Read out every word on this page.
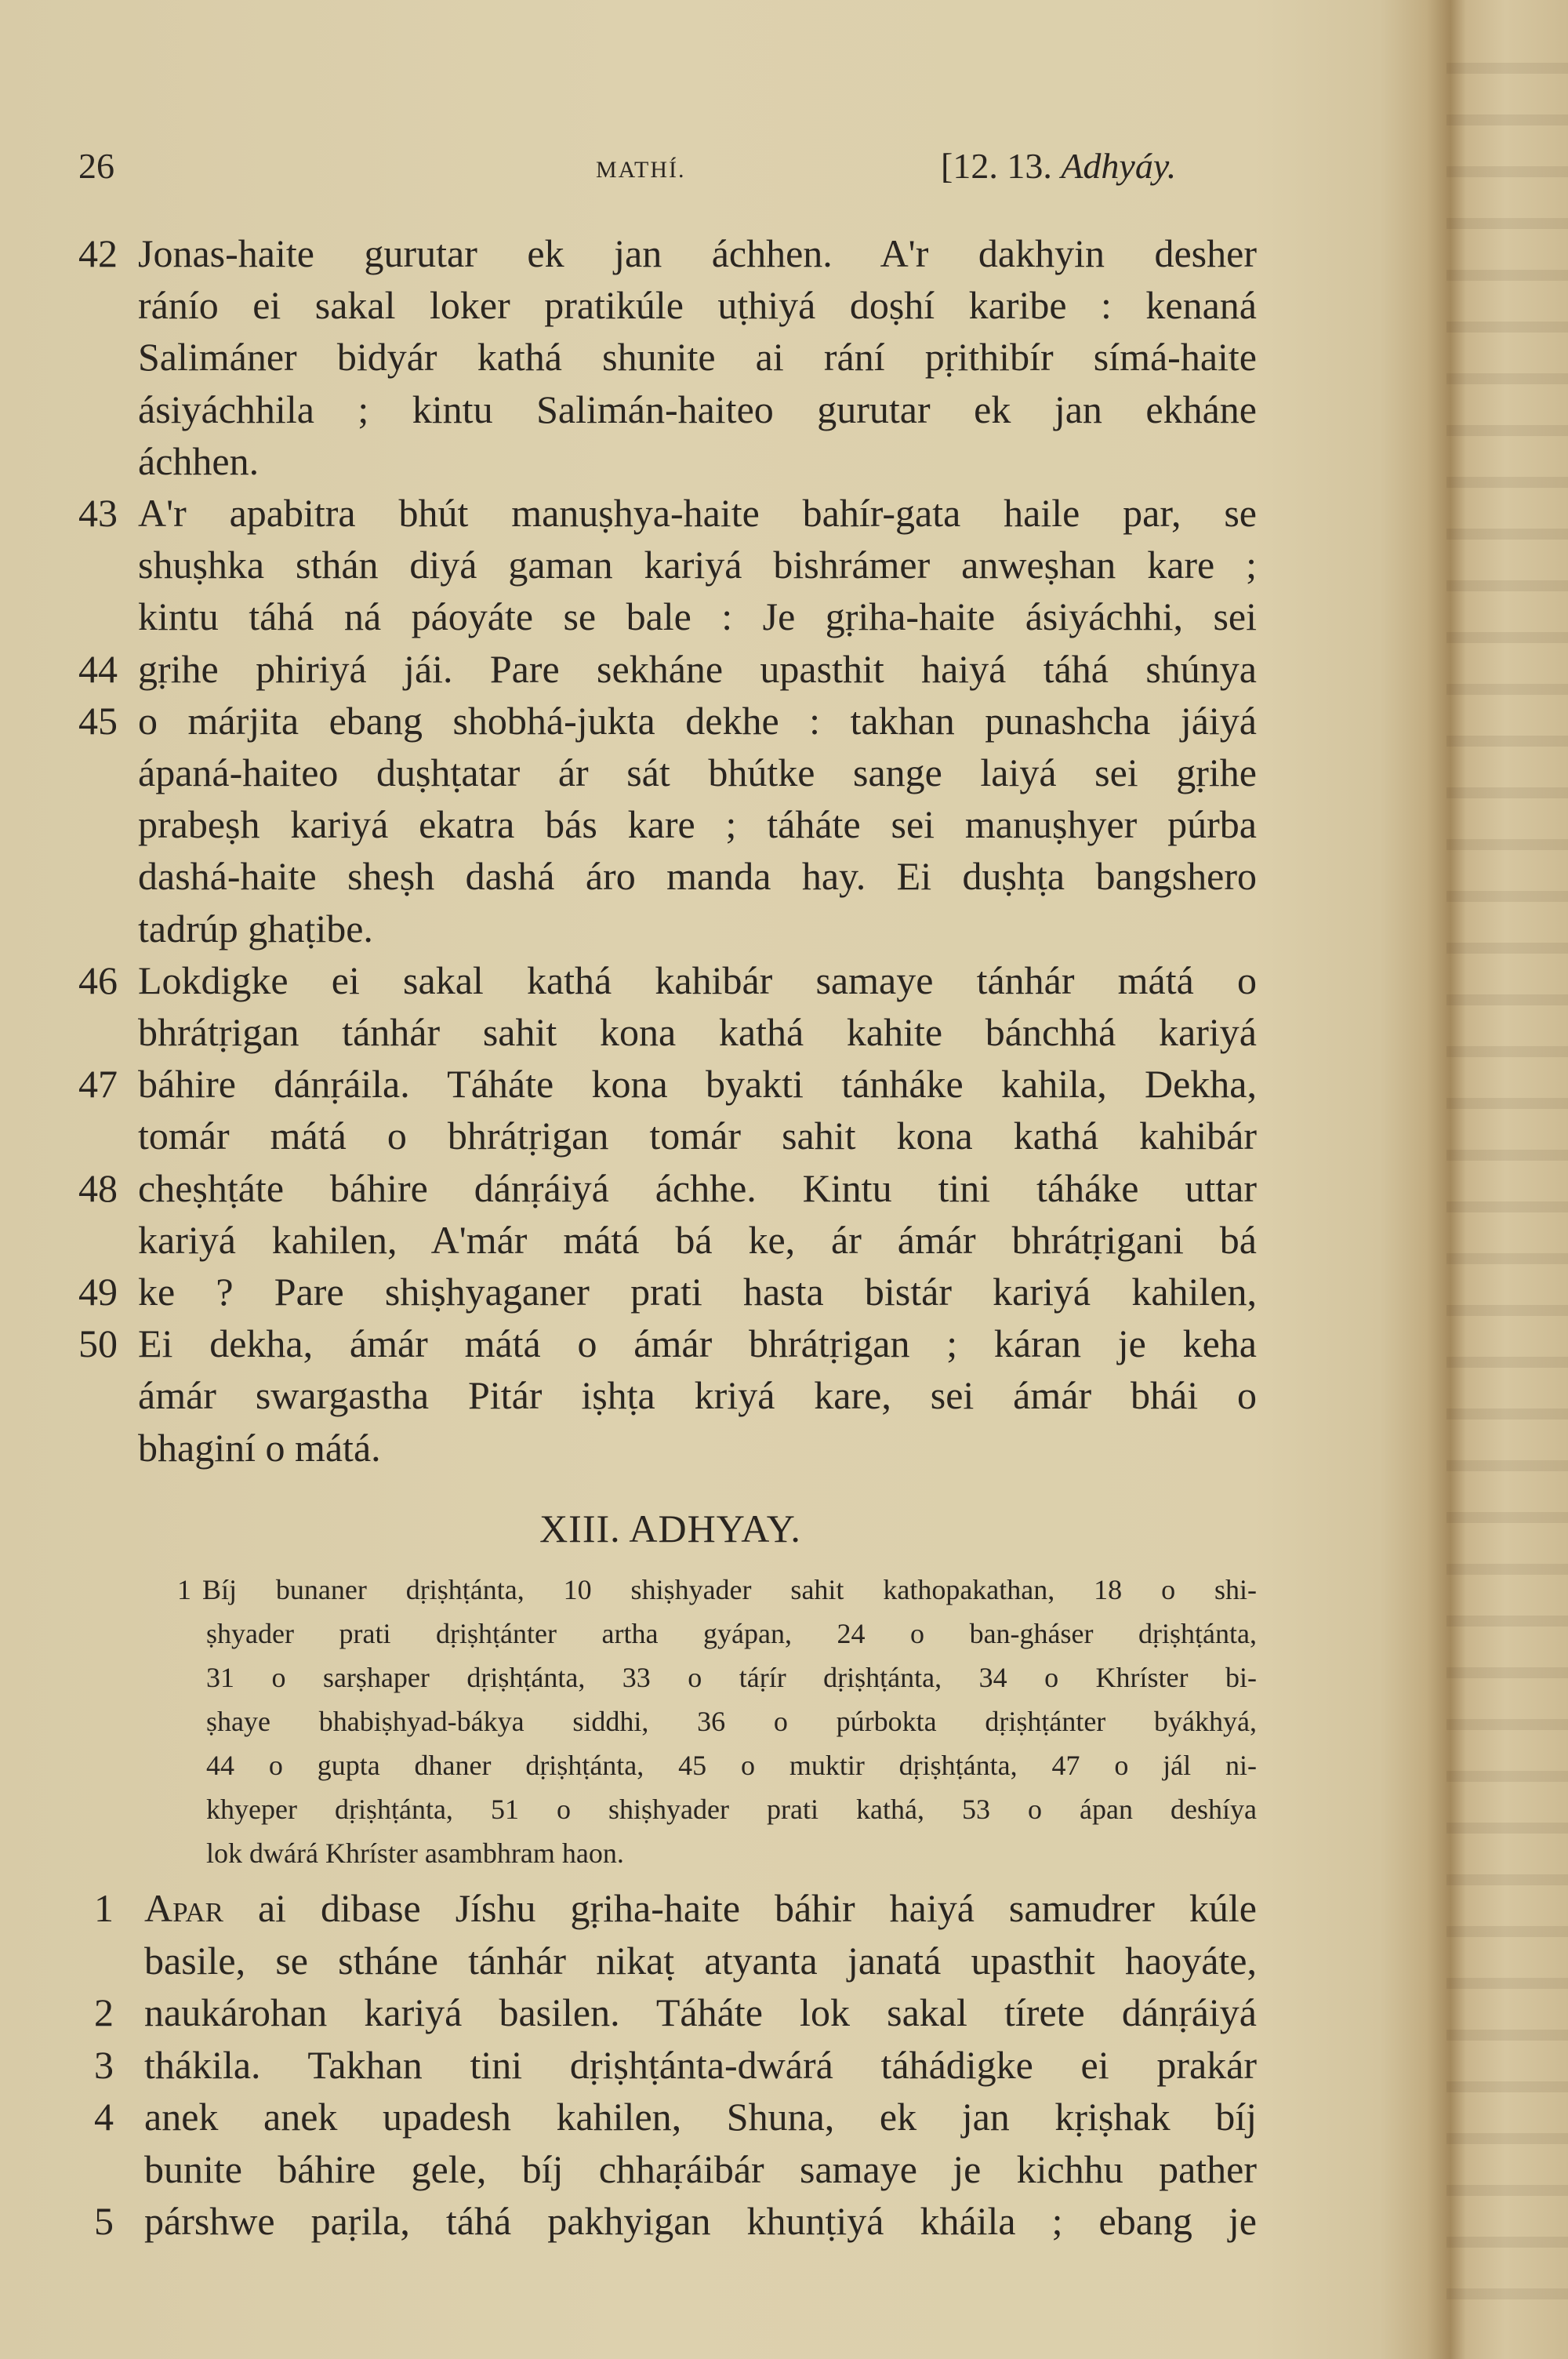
26	MATHÍ.	[12. 13. Adhyáy.
42 Jonas-haite gurutar ek jan áchhen. A'r dakhyin desher
ránío ei sakal loker pratikúle uṭhiyá doṣhí karibe : kenaná
Salimáner bidyár kathá shunite ai rání pṛithibír símá-haite
ásiyáchhila ; kintu Salimán-haiteo gurutar ek jan ekháne
áchhen.
43 A'r apabitra bhút manuṣhya-haite bahír-gata haile par, se
shuṣhka sthán diyá gaman kariyá bishrámer anweṣhan kare ;
kintu táhá ná páoyáte se bale : Je gṛiha-haite ásiyáchhi, sei
44 gṛihe phiriyá jái. Pare sekháne upasthit haiyá táhá shúnya
45 o márjita ebang shobhá-jukta dekhe : takhan punashcha jáiyá
ápaná-haiteo duṣhṭatar ár sát bhútke sange laiyá sei gṛihe
prabeṣh kariyá ekatra bás kare ; táháte sei manuṣhyer púrba
dashá-haite sheṣh dashá áro manda hay. Ei duṣhṭa bangshero
tadrúp ghaṭibe.
46 Lokdigke ei sakal kathá kahibár samaye tánhár mátá o
bhrátṛigan tánhár sahit kona kathá kahite bánchhá kariyá
47 báhire dánṛáila. Táháte kona byakti tánháke kahila, Dekha,
tomár mátá o bhrátṛigan tomár sahit kona kathá kahibár
48 cheṣhṭáte báhire dánṛáiyá áchhe. Kintu tini táháke uttar
kariyá kahilen, A'már mátá bá ke, ár ámár bhrátṛigani bá
49 ke ? Pare shiṣhyaganer prati hasta bistár kariyá kahilen,
50 Ei dekha, ámár mátá o ámár bhrátṛigan ; káran je keha
ámár swargastha Pitár iṣhṭa kriyá kare, sei ámár bhái o
bhaginí o mátá.
XIII. ADHYAY.
1 Bíj bunaner dṛiṣhṭánta, 10 shiṣhyader sahit kathopakathan, 18 o shi-
ṣhyader prati dṛiṣhṭánter artha gyápan, 24 o ban-gháser dṛiṣhṭánta,
31 o sarṣhaper dṛiṣhṭánta, 33 o táṛír dṛiṣhṭánta, 34 o Khríster bi-
ṣhaye bhabiṣhyad-bákya siddhi, 36 o púrbokta dṛiṣhṭánter byákhyá,
44 o gupta dhaner dṛiṣhṭánta, 45 o muktir dṛiṣhṭánta, 47 o jál ni-
khyeper dṛiṣhṭánta, 51 o shiṣhyader prati kathá, 53 o ápan deshíya
lok dwárá Khríster asambhram haon.
1 Apar ai dibase Jíshu gṛiha-haite báhir haiyá samudrer kúle
basile, se stháne tánhár nikaṭ atyanta janatá upasthit haoyáte,
2 naukárohan kariyá basilen. Táháte lok sakal tírete dánṛáiyá
3 thákila. Takhan tini dṛiṣhṭánta-dwárá táhádigke ei prakár
4 anek anek upadesh kahilen, Shuna, ek jan kṛiṣhak bíj
bunite báhire gele, bíj chhaṛáibár samaye je kichhu pather
5 párshwe paṛila, táhá pakhyigan khunṭiyá kháila ; ebang je
